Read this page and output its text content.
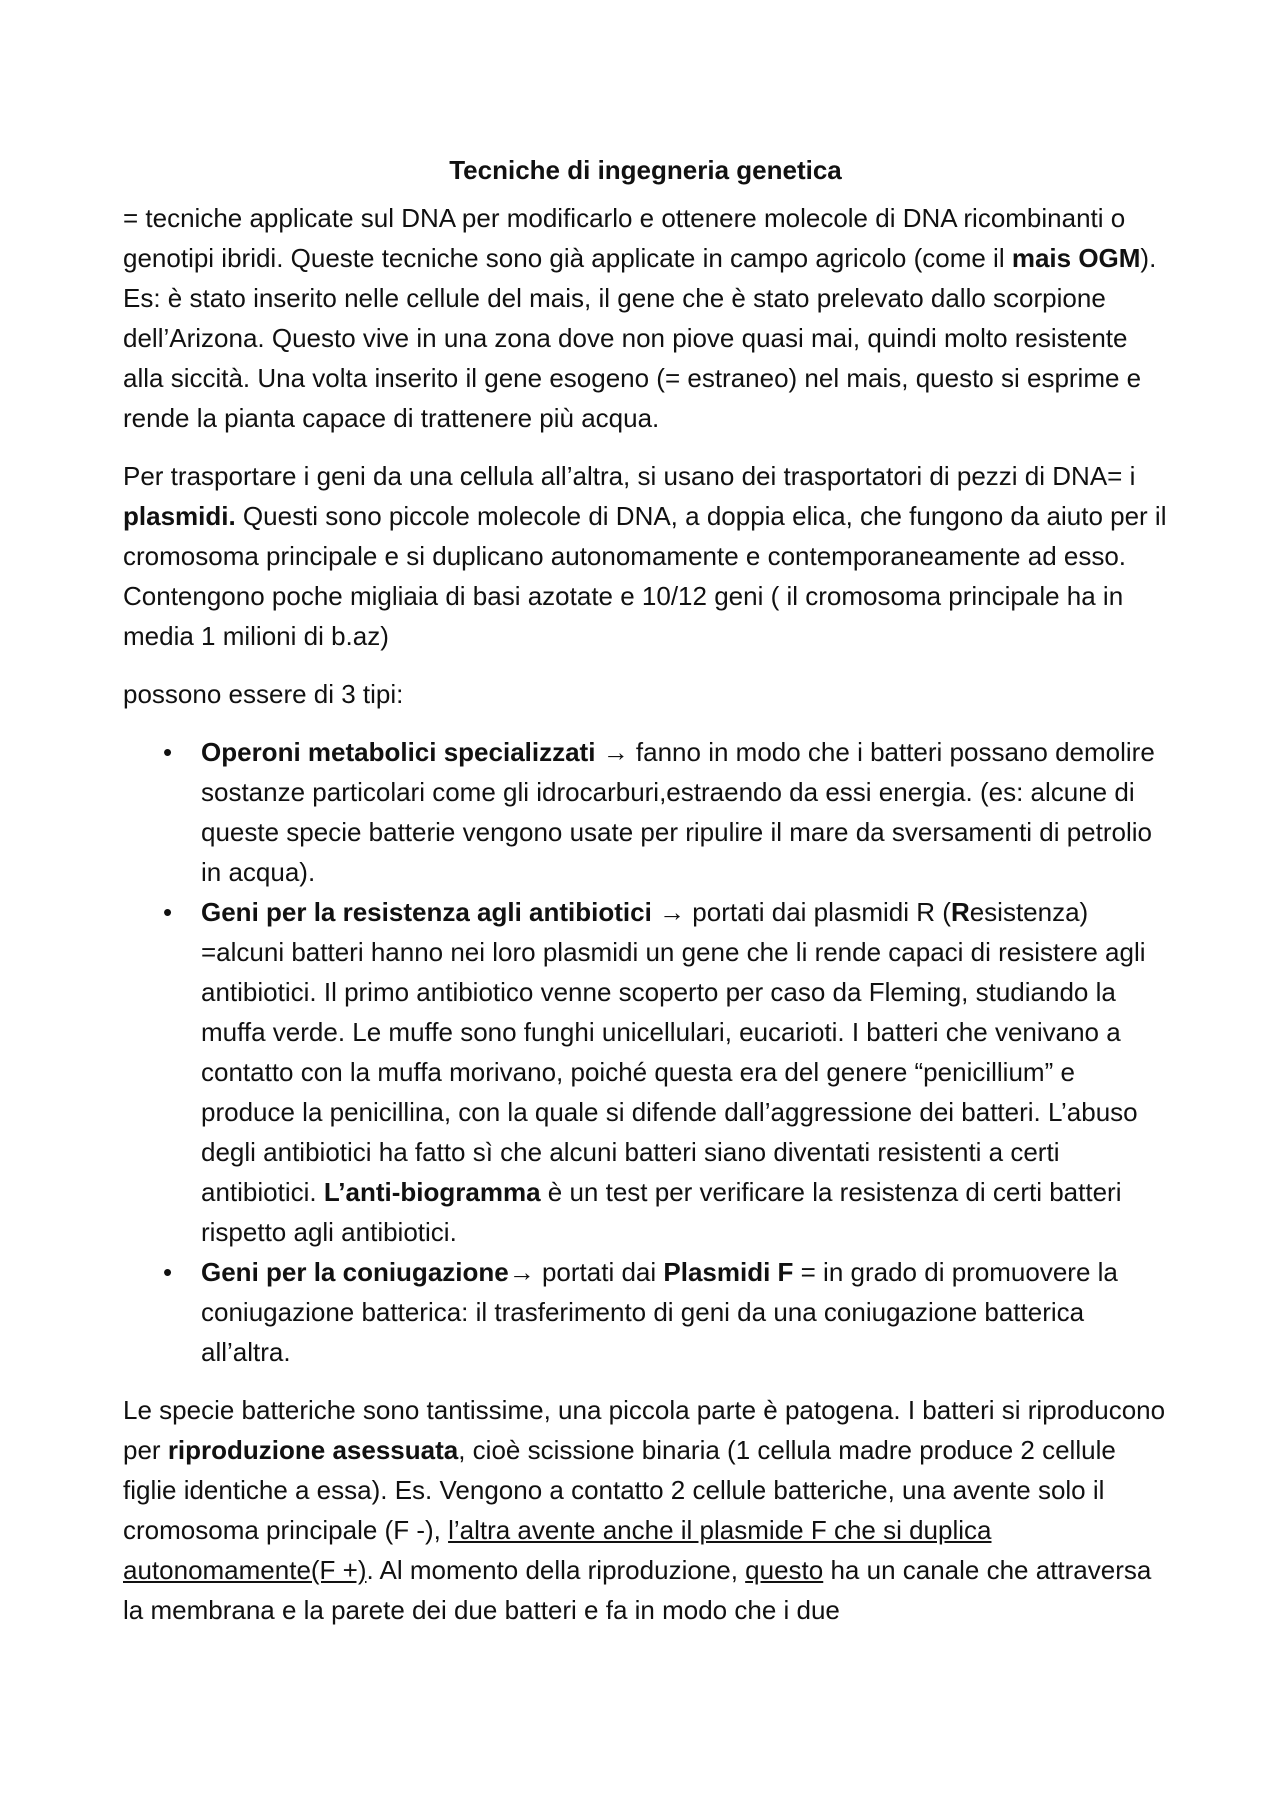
Tecniche di ingegneria genetica

= tecniche applicate sul DNA per modificarlo e ottenere molecole di DNA ricombinanti o genotipi ibridi. Queste tecniche sono già applicate in campo agricolo (come il mais OGM). Es: è stato inserito nelle cellule del mais, il gene che è stato prelevato dallo scorpione dell’Arizona. Questo vive in una zona dove non piove quasi mai, quindi molto resistente alla siccità. Una volta inserito il gene esogeno (= estraneo) nel mais, questo si esprime e rende la pianta capace di trattenere più acqua.

Per trasportare i geni da una cellula all’altra, si usano dei trasportatori di pezzi di DNA= i plasmidi. Questi sono piccole molecole di DNA, a doppia elica, che fungono da aiuto per il cromosoma principale e si duplicano autonomamente e contemporaneamente ad esso. Contengono poche migliaia di basi azotate e 10/12 geni ( il cromosoma principale ha in media 1 milioni di b.az)

possono essere di 3 tipi:

• Operoni metabolici specializzati → fanno in modo che i batteri possano demolire sostanze particolari come gli idrocarburi,estraendo da essi energia. (es: alcune di queste specie batterie vengono usate per ripulire il mare da sversamenti di petrolio in acqua).
• Geni per la resistenza agli antibiotici → portati dai plasmidi R (Resistenza) =alcuni batteri hanno nei loro plasmidi un gene che li rende capaci di resistere agli antibiotici. Il primo antibiotico venne scoperto per caso da Fleming, studiando la muffa verde. Le muffe sono funghi unicellulari, eucarioti. I batteri che venivano a contatto con la muffa morivano, poiché questa era del genere “penicillium” e produce la penicillina, con la quale si difende dall’aggressione dei batteri. L’abuso degli antibiotici ha fatto sì che alcuni batteri siano diventati resistenti a certi antibiotici. L’anti-biogramma è un test per verificare la resistenza di certi batteri rispetto agli antibiotici.
• Geni per la coniugazione→ portati dai Plasmidi F = in grado di promuovere la coniugazione batterica: il trasferimento di geni da una coniugazione batterica all’altra.

Le specie batteriche sono tantissime, una piccola parte è patogena. I batteri si riproducono per riproduzione asessuata, cioè scissione binaria (1 cellula madre produce 2 cellule figlie identiche a essa). Es. Vengono a contatto 2 cellule batteriche, una avente solo il cromosoma principale (F -), l’altra avente anche il plasmide F che si duplica autonomamente(F +). Al momento della riproduzione, questo ha un canale che attraversa la membrana e la parete dei due batteri e fa in modo che i due
